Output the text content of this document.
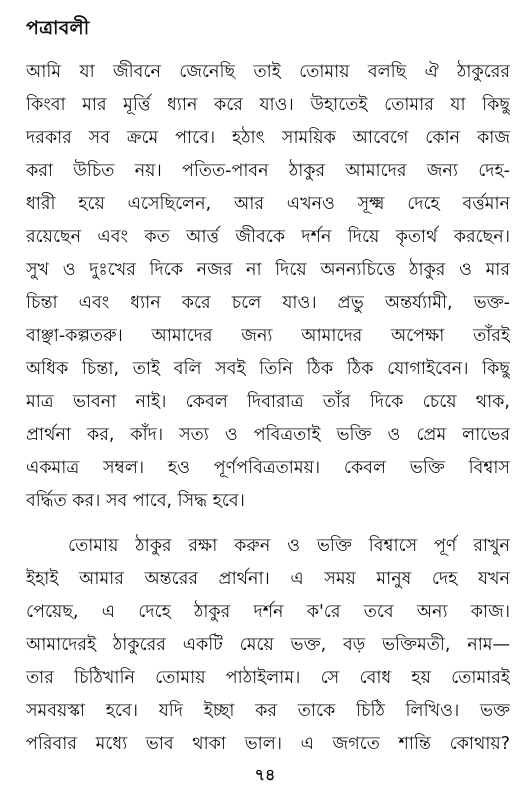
পত্রাবলী
আমি যা জীবনে জেনেছি তাই তোমায় বলছি ঐ ঠাকুরের
কিংবা মার মূর্ত্তি ধ্যান করে যাও। উহাতেই তোমার যা কিছু
দরকার সব ক্রমে পাবে। হঠাৎ সাময়িক আবেগে কোন কাজ
করা উচিত নয়। পতিত-পাবন ঠাকুর আমাদের জন্য দেহ-
ধারী হয়ে এসেছিলেন, আর এখনও সূক্ষ্ম দেহে বর্ত্তমান
রয়েছেন এবং কত আর্ত্ত জীবকে দর্শন দিয়ে কৃতার্থ করছেন।
সুখ ও দুঃখের দিকে নজর না দিয়ে অনন্যচিত্তে ঠাকুর ও মার
চিন্তা এবং ধ্যান করে চলে যাও। প্রভু অন্তর্য্যামী, ভক্ত-
বাঞ্ছা-কল্পতরু। আমাদের জন্য আমাদের অপেক্ষা তাঁরই
অধিক চিন্তা, তাই বলি সবই তিনি ঠিক ঠিক যোগাইবেন। কিছু
মাত্র ভাবনা নাই। কেবল দিবারাত্র তাঁর দিকে চেয়ে থাক,
প্রার্থনা কর, কাঁদ। সত্য ও পবিত্রতাই ভক্তি ও প্রেম লাভের
একমাত্র সম্বল। হও পূর্ণপবিত্রতাময়। কেবল ভক্তি বিশ্বাস
বৰ্দ্ধিত কর। সব পাবে, সিদ্ধ হবে।
তোমায় ঠাকুর রক্ষা করুন ও ভক্তি বিশ্বাসে পূর্ণ রাখুন
ইহাই আমার অন্তরের প্রার্থনা। এ সময় মানুষ দেহ যখন
পেয়েছ, এ দেহে ঠাকুর দর্শন ক'রে তবে অন্য কাজ।
আমাদেরই ঠাকুরের একটি মেয়ে ভক্ত, বড় ভক্তিমতী, নাম—
তার চিঠিখানি তোমায় পাঠাইলাম। সে বোধ হয় তোমারই
সমবয়স্কা হবে। যদি ইচ্ছা কর তাকে চিঠি লিখিও। ভক্ত
পরিবার মধ্যে ভাব থাকা ভাল। এ জগতে শান্তি কোথায়?
৭৪
